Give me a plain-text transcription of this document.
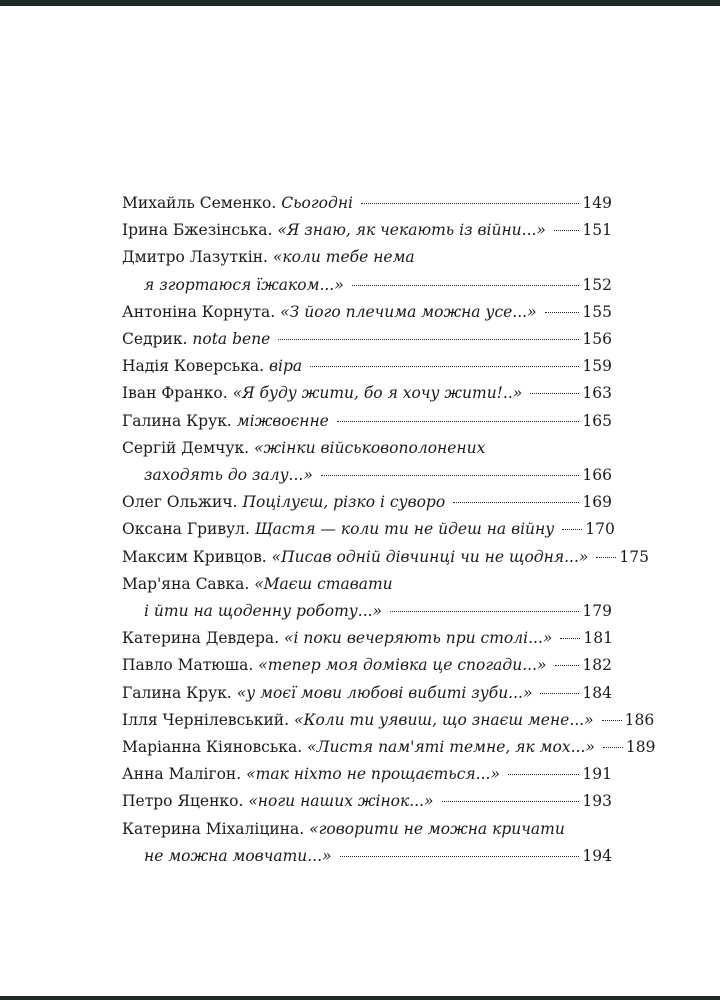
Михайль Семенко. Сьогодні	149
Ірина Бжезінська. «Я знаю, як чекають із війни...» 151
Дмитро Лазуткін. «коли тебе нема
я згортаюся їжаком...»	152
Антоніна Корнута. «З його плечима можна усе...»	155
Седрик. nota bene	156
Надія Коверська. віра	159
Іван Франко. «Я буду жити, бо я хочу жити!..»	163
Галина Крук. міжвоєнне	165
Сергій Демчук. «жінки військовополонених
заходять до залу...»	166
Олег Ольжич. Поцілуєш, різко і суворо	169
Оксана Гривул. Щастя — коли ти не йдеш на війну 170
Максим Кривцов. «Писав одній дівчинці чи не щодня...» 175
Мар'яна Савка. «Маєш ставати
і йти на щоденну роботу...»	179
Катерина Девдера. «і поки вечеряють при столі...» 181
Павло Матюша. «тепер моя домівка це спогади...» 182
Галина Крук. «у моєї мови любові вибиті зуби...»	184
Ілля Чернілевський. «Коли ти уявиш, що знаєш мене...» 186
Маріанна Кіяновська. «Листя пам'яті темне, як мох...» 189
Анна Малігон. «так ніхто не прощається...»	191
Петро Яценко. «ноги наших жінок...»	193
Катерина Міхаліцина. «говорити не можна кричати
не можна мовчати...»	194
